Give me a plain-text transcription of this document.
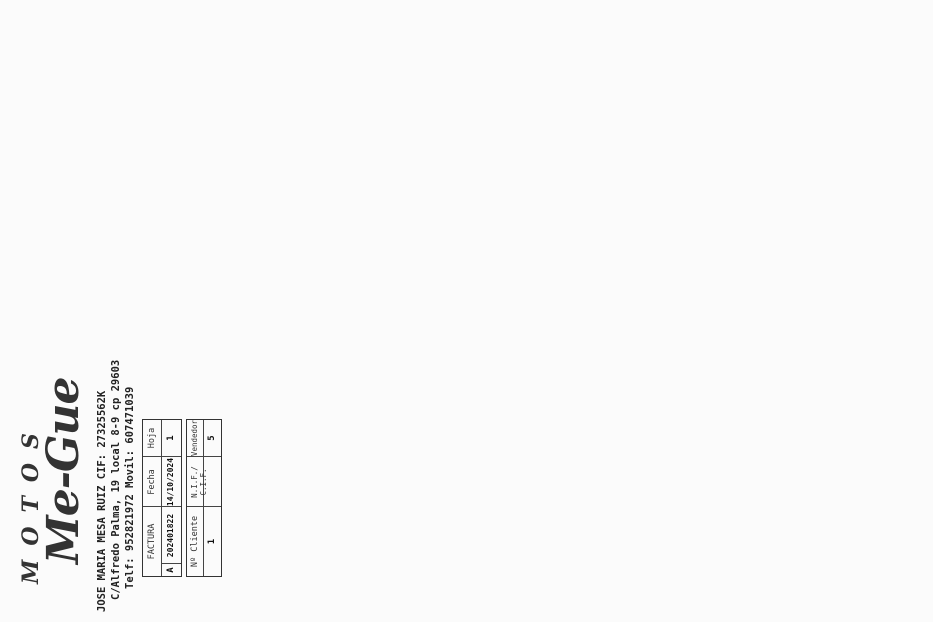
MOTOS
Me-Gue JOSE MARIA MESA RUIZ CIF: 27325562K C/Alfredo Palma, 19 local 8-9 cp 29603 Telf: 952821972 Movil: 607471039 FACTURA
A
202401822
Fecha 14/10/2024
Hoja 1
Nº Cliente 1
N.I.F./ C.I.F.
Vendedor 5
